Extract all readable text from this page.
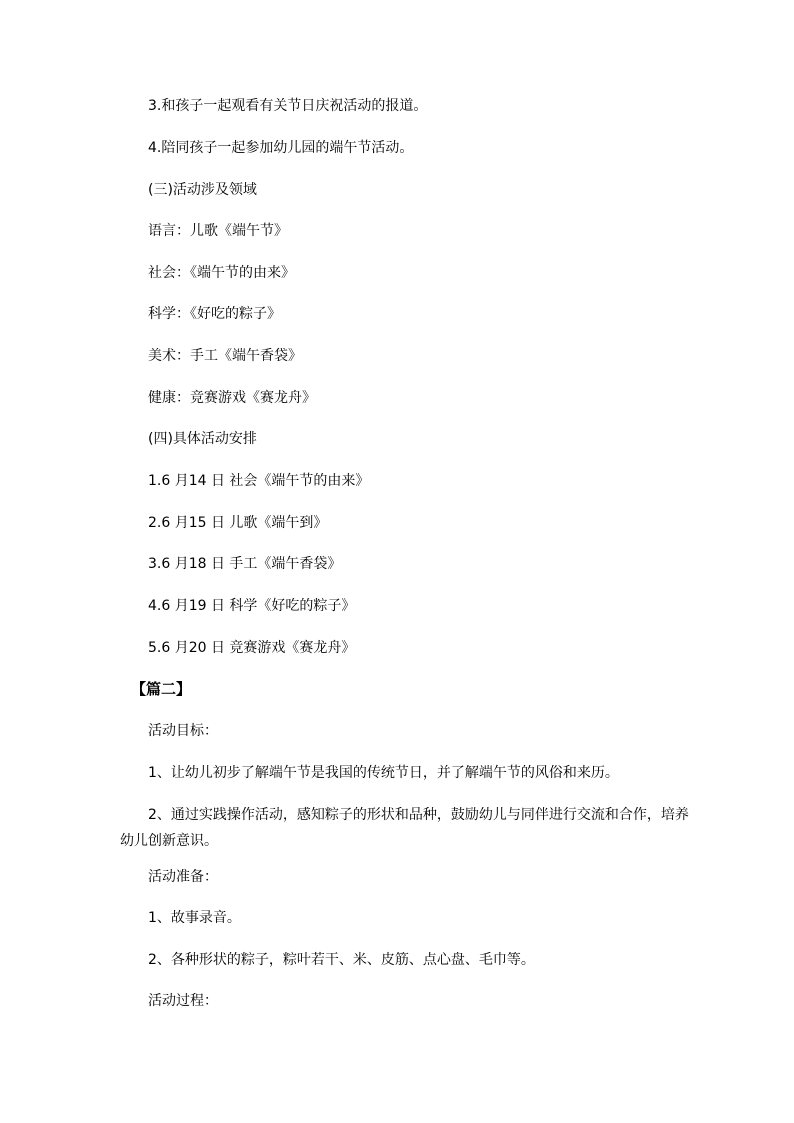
3.和孩子一起观看有关节日庆祝活动的报道。
4.陪同孩子一起参加幼儿园的端午节活动。
(三)活动涉及领域
语言：儿歌《端午节》
社会：《端午节的由来》
科学：《好吃的粽子》
美术：手工《端午香袋》
健康：竞赛游戏《赛龙舟》
(四)具体活动安排
1.6 月14 日 社会《端午节的由来》
2.6 月15 日 儿歌《端午到》
3.6 月18 日 手工《端午香袋》
4.6 月19 日 科学《好吃的粽子》
5.6 月20 日 竞赛游戏《赛龙舟》
【篇二】
活动目标：
1、让幼儿初步了解端午节是我国的传统节日，并了解端午节的风俗和来历。
2、通过实践操作活动，感知粽子的形状和品种，鼓励幼儿与同伴进行交流和合作，培养幼儿创新意识。
活动准备：
1、故事录音。
2、各种形状的粽子，粽叶若干、米、皮筋、点心盘、毛巾等。
活动过程：
